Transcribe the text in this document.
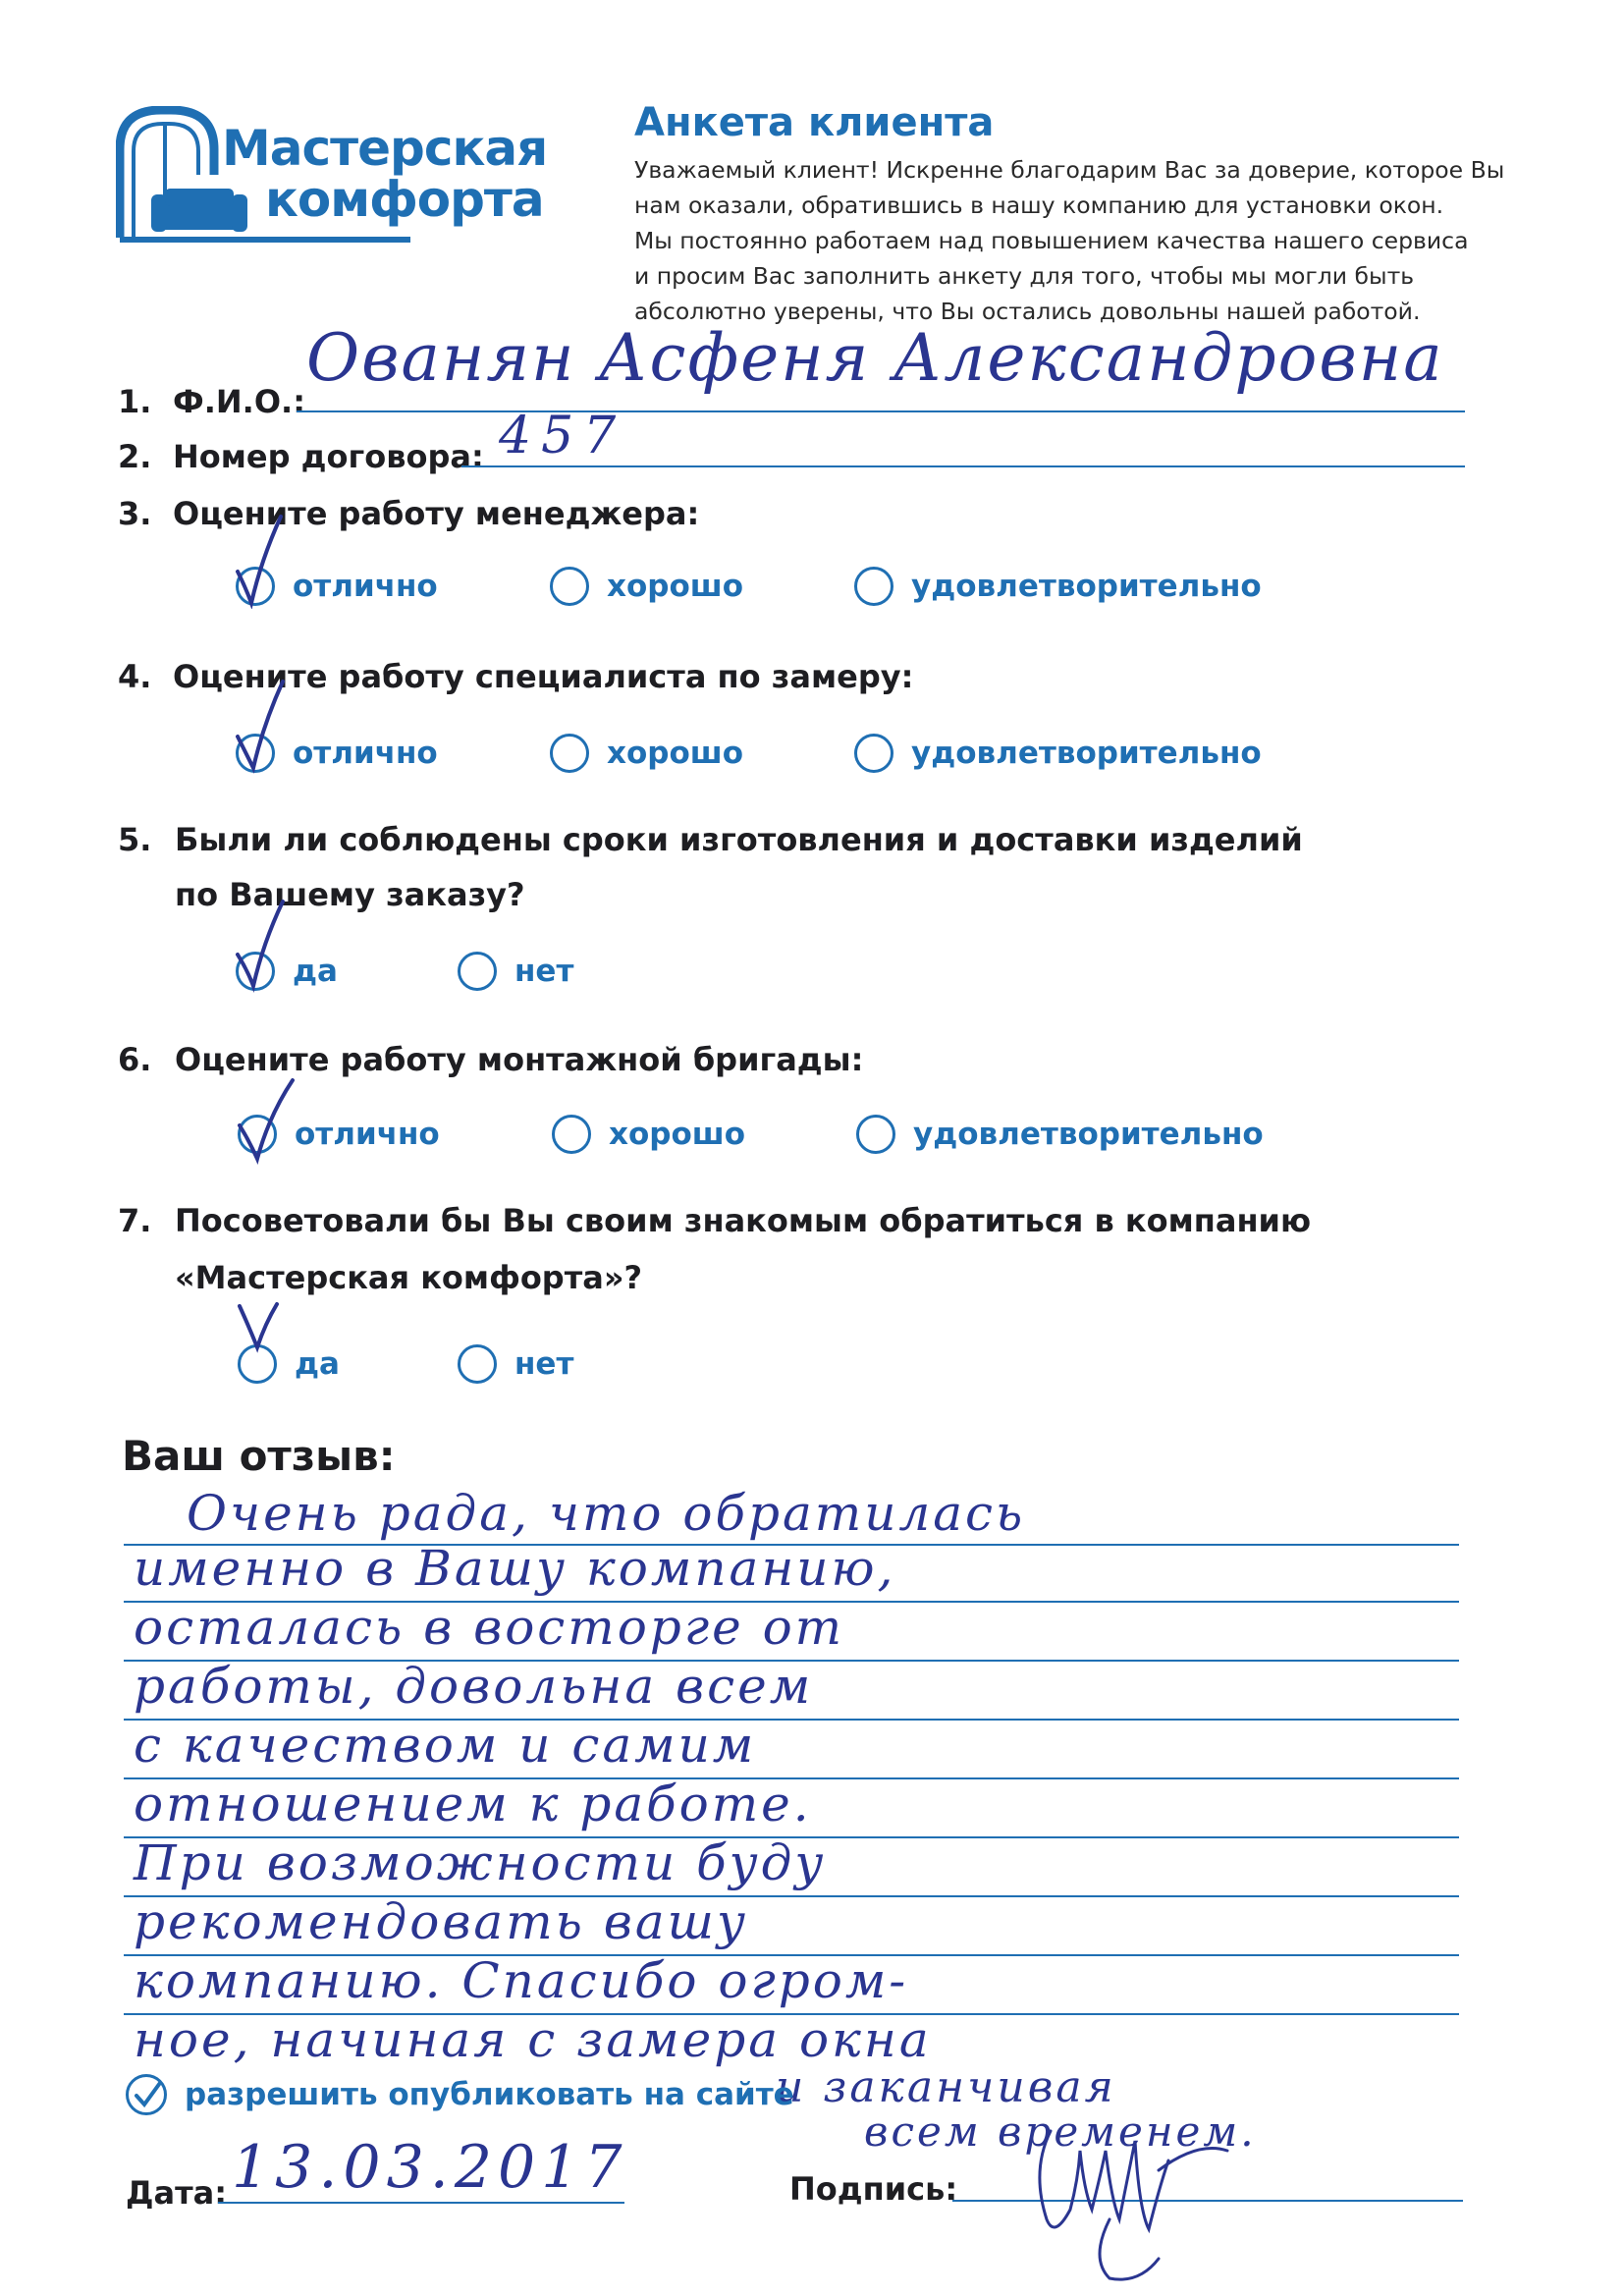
Мастерская
комфорта
Анкета клиента
Уважаемый клиент! Искренне благодарим Вас за доверие, которое Вы
нам оказали, обратившись в нашу компанию для установки окон.
Мы постоянно работаем над повышением качества нашего сервиса
и просим Вас заполнить анкету для того, чтобы мы могли быть
абсолютно уверены, что Вы остались довольны нашей работой.
1. Ф.И.О.:
Ованян Асфеня Александровна
2. Номер договора: 457
3. Оцените работу менеджера:
отлично	хорошо	удовлетворительно
4. Оцените работу специалиста по замеру:
отлично	хорошо	удовлетворительно
5. Были ли соблюдены сроки изготовления и доставки изделий
по Вашему заказу?
да	нет
6. Оцените работу монтажной бригады:
отлично	хорошо	удовлетворительно
7. Посоветовали бы Вы своим знакомым обратиться в компанию
«Мастерская комфорта»?
да	нет
Ваш отзыв:
Очень рада, что обратилась
именно в Вашу компанию,
осталась в восторге от
работы, довольна всем
с качеством и самим
отношением к работе.
При возможности буду
рекомендовать вашу
компанию. Спасибо огром-
ное, начиная с замера окна
и заканчивая
всем временем.
разрешить опубликовать на сайте
Дата: 13.03.2017	Подпись:
